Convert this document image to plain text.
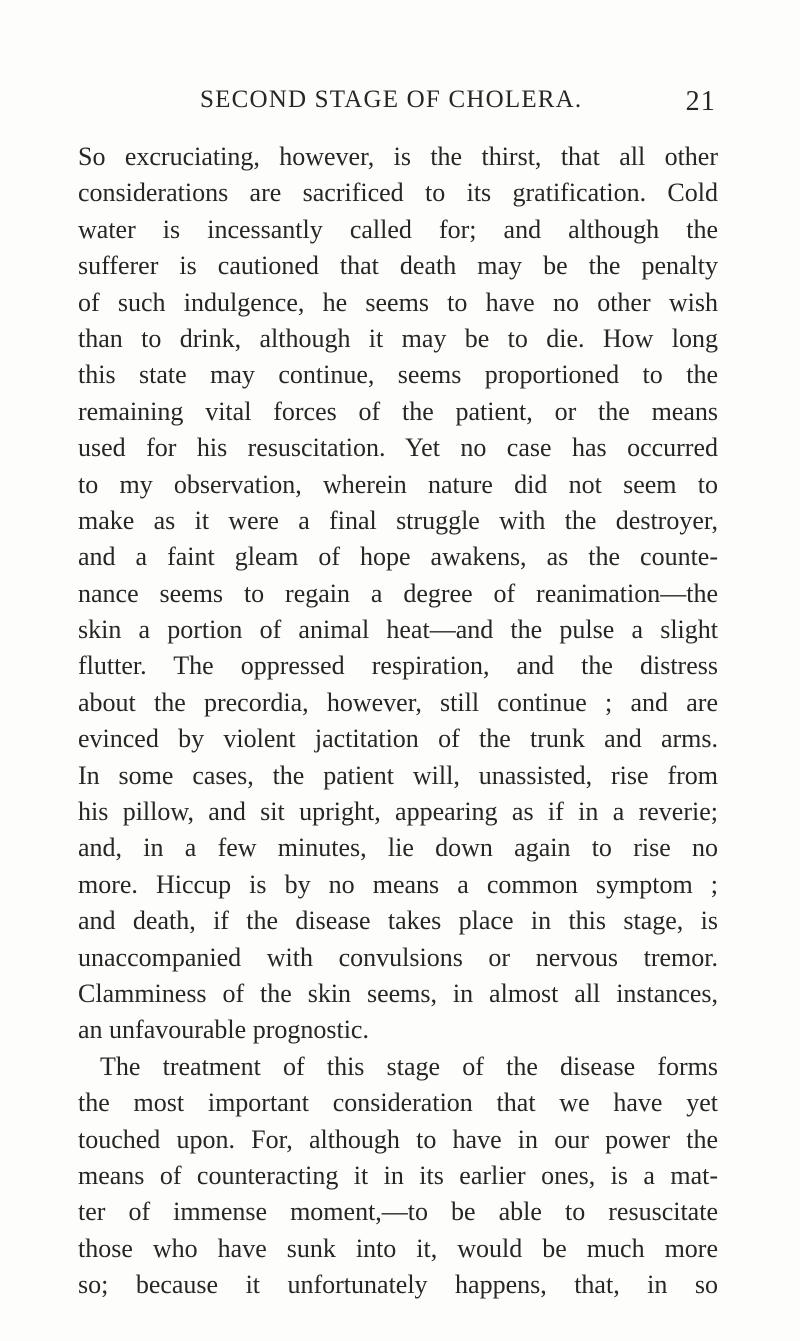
SECOND STAGE OF CHOLERA.	21
So excruciating, however, is the thirst, that all other
considerations are sacrificed to its gratification. Cold
water is incessantly called for; and although the
sufferer is cautioned that death may be the penalty
of such indulgence, he seems to have no other wish
than to drink, although it may be to die. How long
this state may continue, seems proportioned to the
remaining vital forces of the patient, or the means
used for his resuscitation. Yet no case has occurred
to my observation, wherein nature did not seem to
make as it were a final struggle with the destroyer,
and a faint gleam of hope awakens, as the counte-
nance seems to regain a degree of reanimation—the
skin a portion of animal heat—and the pulse a slight
flutter. The oppressed respiration, and the distress
about the precordia, however, still continue ; and are
evinced by violent jactitation of the trunk and arms.
In some cases, the patient will, unassisted, rise from
his pillow, and sit upright, appearing as if in a reverie;
and, in a few minutes, lie down again to rise no
more. Hiccup is by no means a common symptom ;
and death, if the disease takes place in this stage, is
unaccompanied with convulsions or nervous tremor.
Clamminess of the skin seems, in almost all instances,
an unfavourable prognostic.
The treatment of this stage of the disease forms
the most important consideration that we have yet
touched upon. For, although to have in our power the
means of counteracting it in its earlier ones, is a mat-
ter of immense moment,—to be able to resuscitate
those who have sunk into it, would be much more
so; because it unfortunately happens, that, in so
